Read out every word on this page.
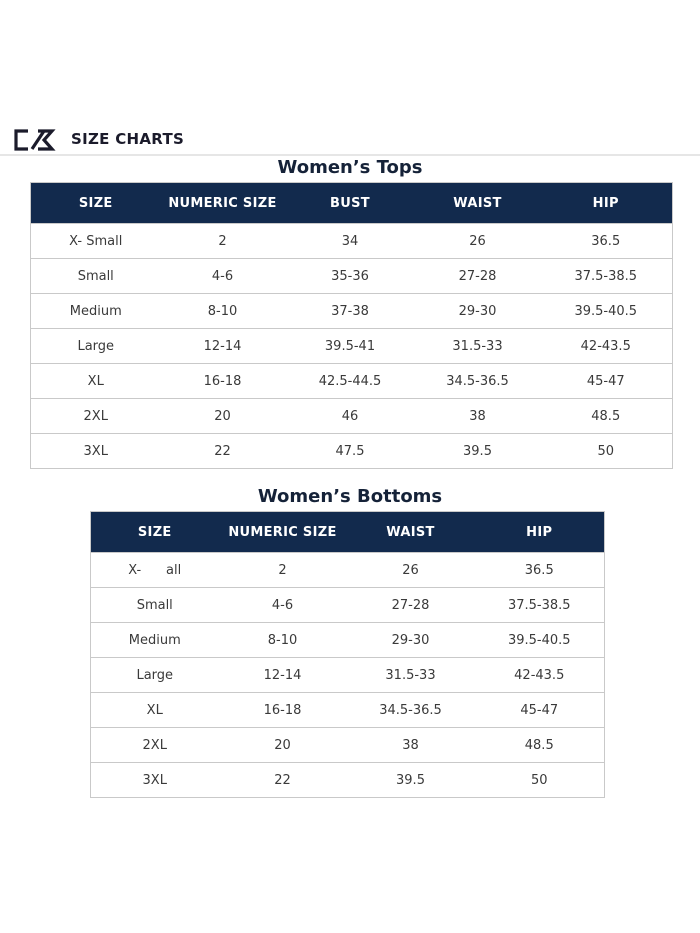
SIZE CHARTS
Women’s Tops
SIZE	NUMERIC SIZE	BUST	WAIST	HIP
X- Small	2	34	26	36.5
Small	4-6	35-36	27-28	37.5-38.5
Medium	8-10	37-38	29-30	39.5-40.5
Large	12-14	39.5-41	31.5-33	42-43.5
XL	16-18	42.5-44.5	34.5-36.5	45-47
2XL	20	46	38	48.5
3XL	22	47.5	39.5	50
Women’s Bottoms
SIZE	NUMERIC SIZE	WAIST	HIP
X-      all	2	26	36.5
Small	4-6	27-28	37.5-38.5
Medium	8-10	29-30	39.5-40.5
Large	12-14	31.5-33	42-43.5
XL	16-18	34.5-36.5	45-47
2XL	20	38	48.5
3XL	22	39.5	50
